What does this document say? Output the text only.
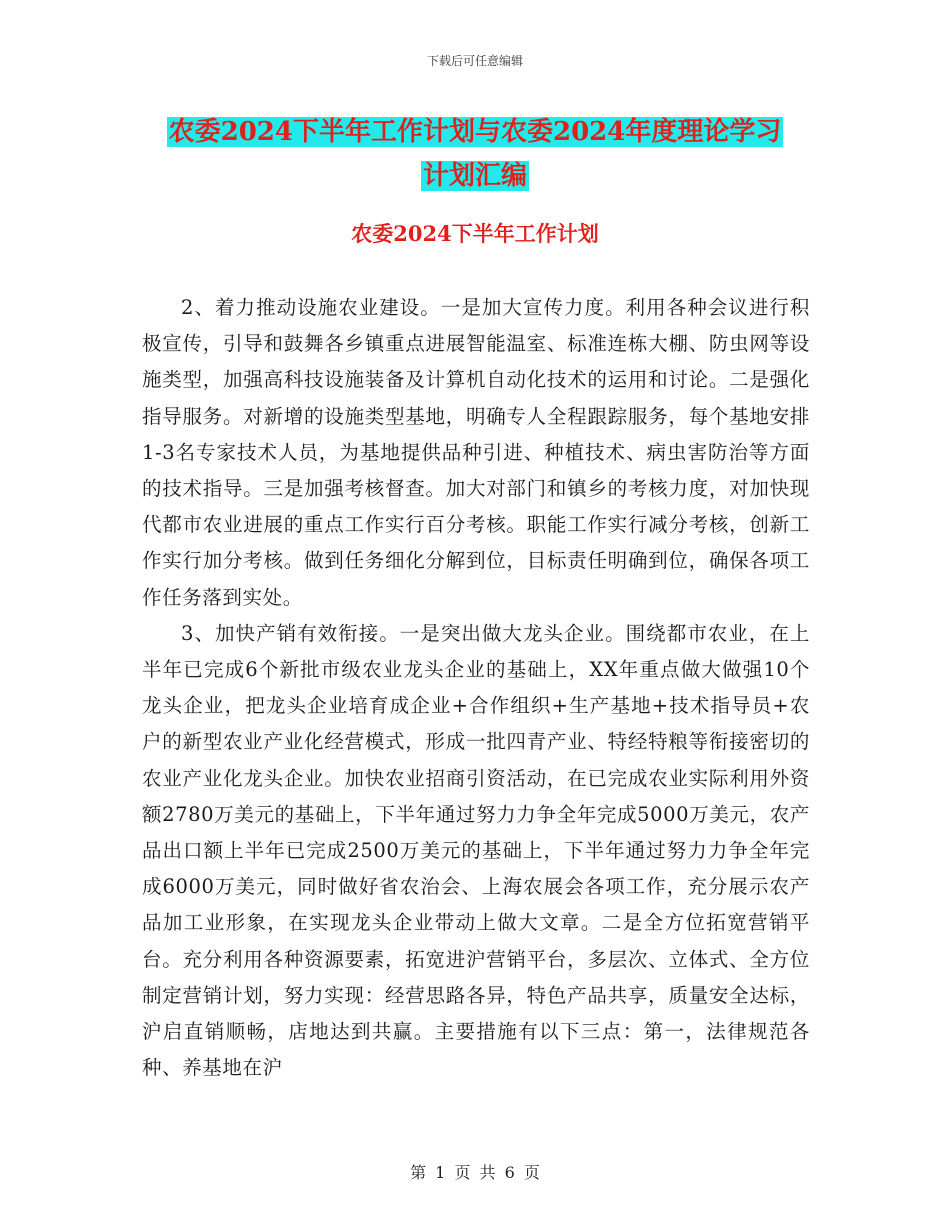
下载后可任意编辑
农委2024下半年工作计划与农委2024年度理论学习
计划汇编
农委2024下半年工作计划

2、着力推动设施农业建设。一是加大宣传力度。利用各种会议进行积极宣传，引导和鼓舞各乡镇重点进展智能温室、标准连栋大棚、防虫网等设施类型，加强高科技设施装备及计算机自动化技术的运用和讨论。二是强化指导服务。对新增的设施类型基地，明确专人全程跟踪服务，每个基地安排1-3名专家技术人员，为基地提供品种引进、种植技术、病虫害防治等方面的技术指导。三是加强考核督查。加大对部门和镇乡的考核力度，对加快现代都市农业进展的重点工作实行百分考核。职能工作实行减分考核，创新工作实行加分考核。做到任务细化分解到位，目标责任明确到位，确保各项工作任务落到实处。

3、加快产销有效衔接。一是突出做大龙头企业。围绕都市农业，在上半年已完成6个新批市级农业龙头企业的基础上，XX年重点做大做强10个龙头企业，把龙头企业培育成企业+合作组织+生产基地+技术指导员+农户的新型农业产业化经营模式，形成一批四青产业、特经特粮等衔接密切的农业产业化龙头企业。加快农业招商引资活动，在已完成农业实际利用外资额2780万美元的基础上，下半年通过努力力争全年完成5000万美元，农产品出口额上半年已完成2500万美元的基础上，下半年通过努力力争全年完成6000万美元，同时做好省农治会、上海农展会各项工作，充分展示农产品加工业形象，在实现龙头企业带动上做大文章。二是全方位拓宽营销平台。充分利用各种资源要素，拓宽进沪营销平台，多层次、立体式、全方位制定营销计划，努力实现：经营思路各异，特色产品共享，质量安全达标，沪启直销顺畅，店地达到共赢。主要措施有以下三点：第一，法律规范各种、养基地在沪

第 1 页 共 6 页
